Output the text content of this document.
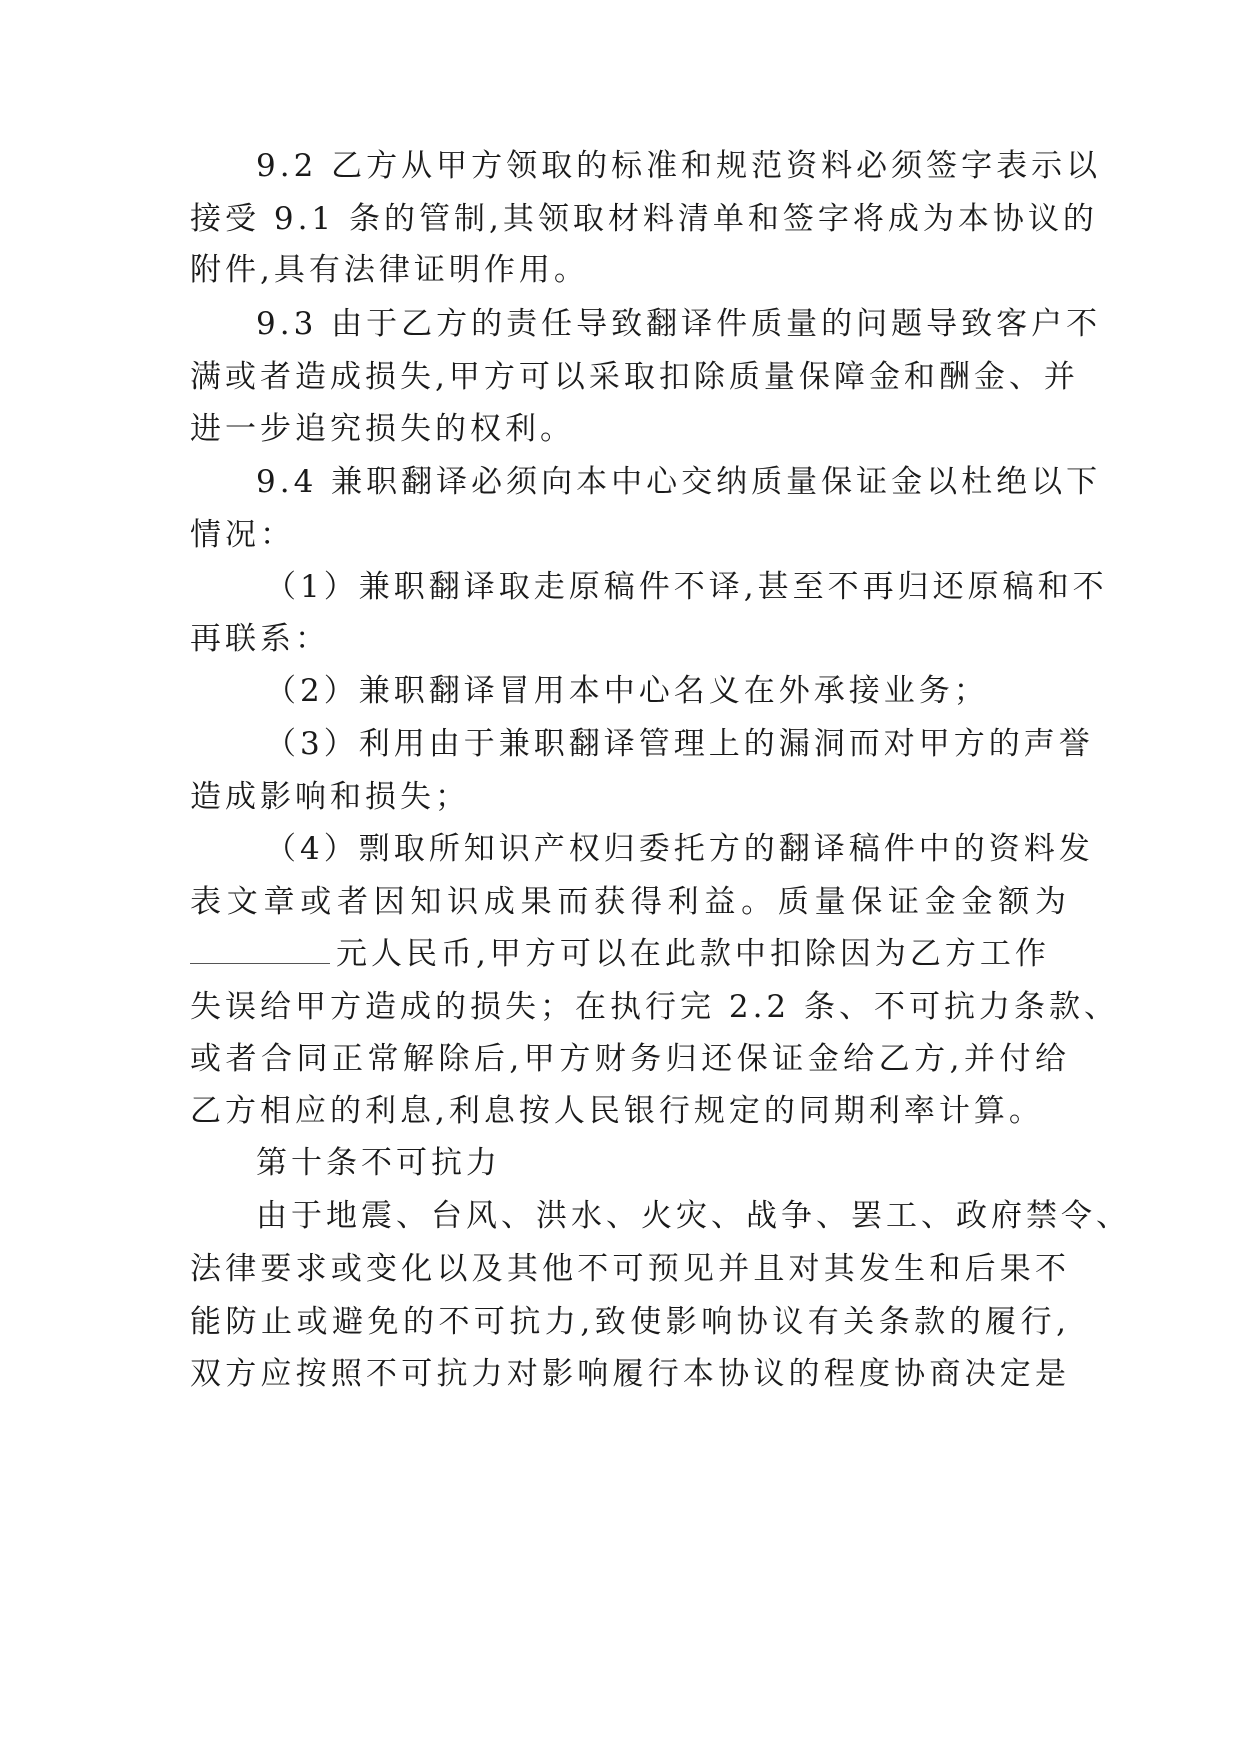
9.2 乙方从甲方领取的标准和规范资料必须签字表示以
接受 9.1 条的管制,其领取材料清单和签字将成为本协议的
附件,具有法律证明作用。
9.3 由于乙方的责任导致翻译件质量的问题导致客户不
满或者造成损失,甲方可以采取扣除质量保障金和酬金、并
进一步追究损失的权利。
9.4 兼职翻译必须向本中心交纳质量保证金以杜绝以下
情况：
（1）兼职翻译取走原稿件不译,甚至不再归还原稿和不
再联系：
（2）兼职翻译冒用本中心名义在外承接业务；
（3）利用由于兼职翻译管理上的漏洞而对甲方的声誉
造成影响和损失；
（4）剽取所知识产权归委托方的翻译稿件中的资料发
表文章或者因知识成果而获得利益。质量保证金金额为
元人民币,甲方可以在此款中扣除因为乙方工作
失误给甲方造成的损失；在执行完 2.2 条、不可抗力条款、
或者合同正常解除后,甲方财务归还保证金给乙方,并付给
乙方相应的利息,利息按人民银行规定的同期利率计算。
第十条不可抗力
由于地震、台风、洪水、火灾、战争、罢工、政府禁令、
法律要求或变化以及其他不可预见并且对其发生和后果不
能防止或避免的不可抗力,致使影响协议有关条款的履行,
双方应按照不可抗力对影响履行本协议的程度协商决定是
